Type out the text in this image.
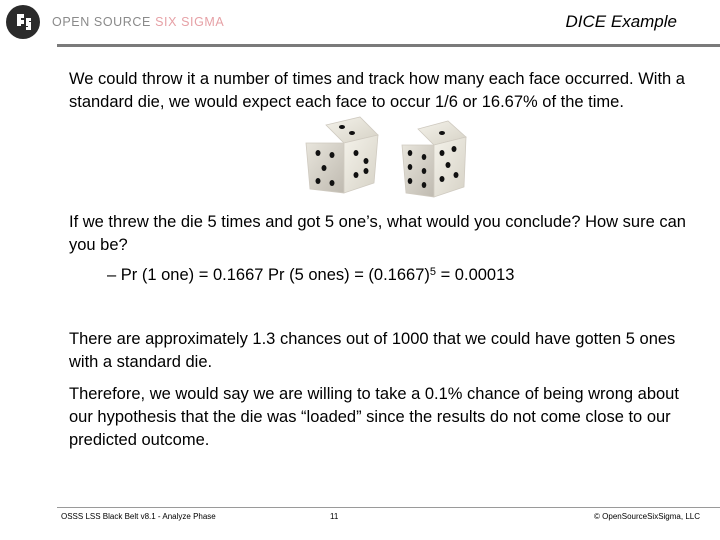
OPEN SOURCE SIX SIGMA	DICE Example

We could throw it a number of times and track how many each face occurred. With a standard die, we would expect each face to occur 1/6 or 16.67% of the time.

If we threw the die 5 times and got 5 one’s, what would you conclude? How sure can you be?

– Pr (1 one) = 0.1667 Pr (5 ones) = $(0.1667)^5 = 0.00013$

There are approximately 1.3 chances out of 1000 that we could have gotten 5 ones with a standard die.

Therefore, we would say we are willing to take a 0.1% chance of being wrong about our hypothesis that the die was “loaded” since the results do not come close to our predicted outcome.

OSSS LSS Black Belt v8.1 - Analyze Phase	11	© OpenSourceSixSigma, LLC
